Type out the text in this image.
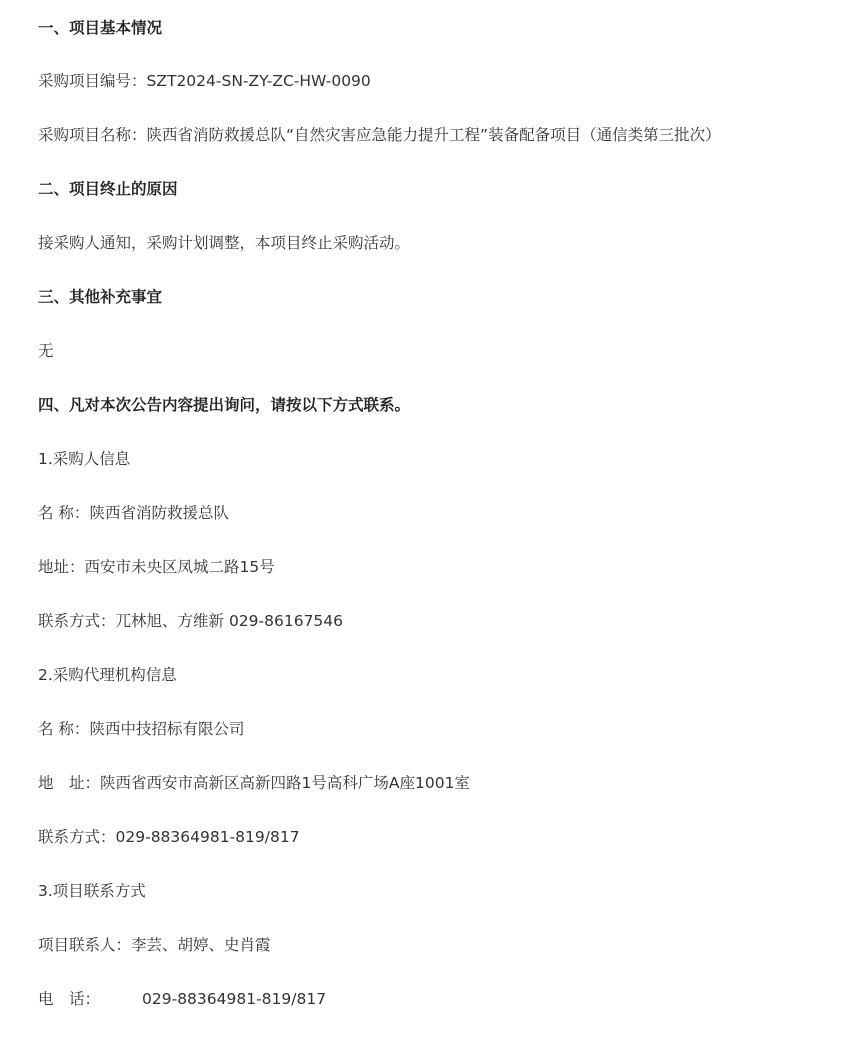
一、项目基本情况
采购项目编号：SZT2024-SN-ZY-ZC-HW-0090
采购项目名称：陕西省消防救援总队“自然灾害应急能力提升工程”装备配备项目（通信类第三批次）
二、项目终止的原因
接采购人通知，采购计划调整，本项目终止采购活动。
三、其他补充事宜
无
四、凡对本次公告内容提出询问，请按以下方式联系。
1.采购人信息
名 称：陕西省消防救援总队
地址：西安市未央区凤城二路15号
联系方式：兀林旭、方维新 029-86167546
2.采购代理机构信息
名 称：陕西中技招标有限公司
地　址：陕西省西安市高新区高新四路1号高科广场A座1001室
联系方式：029-88364981-819/817
3.项目联系方式
项目联系人：李芸、胡婷、史肖霞
电　话：	029-88364981-819/817
